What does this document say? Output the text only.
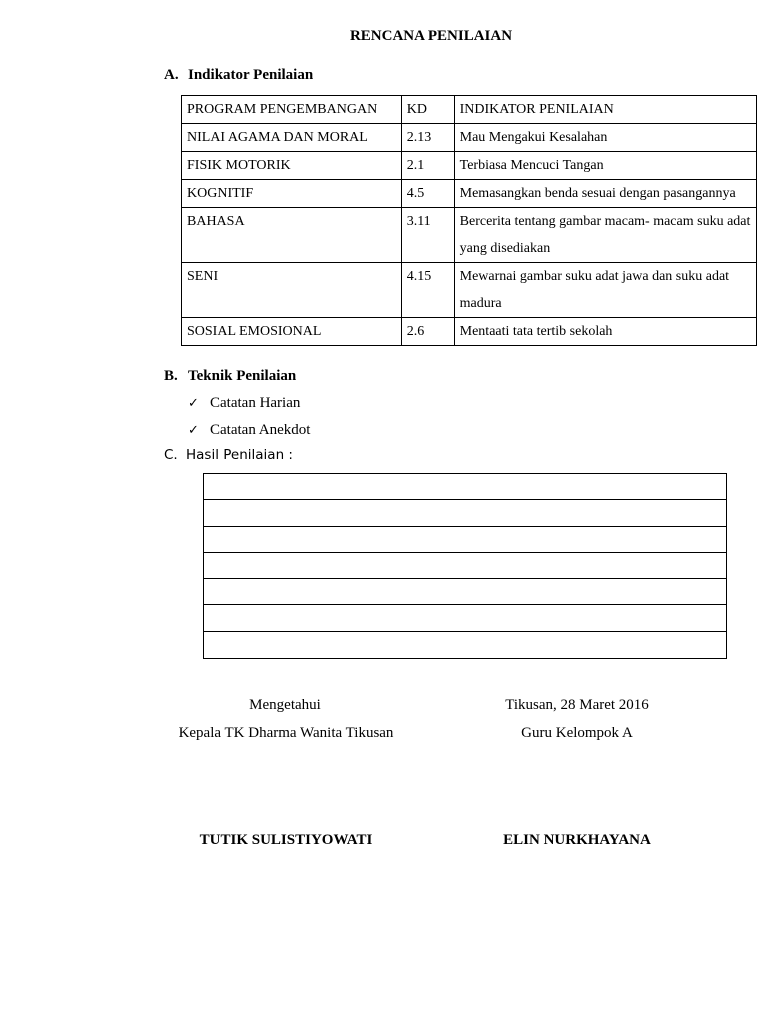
RENCANA PENILAIAN
A. Indikator Penilaian
PROGRAM PENGEMBANGAN	KD	INDIKATOR PENILAIAN
NILAI AGAMA DAN MORAL	2.13	Mau Mengakui Kesalahan
FISIK MOTORIK	2.1	Terbiasa Mencuci Tangan
KOGNITIF	4.5	Memasangkan benda sesuai dengan pasangannya
BAHASA	3.11	Bercerita tentang gambar macam- macam suku adat yang disediakan
SENI	4.15	Mewarnai gambar suku adat jawa dan suku adat madura
SOSIAL EMOSIONAL	2.6	Mentaati tata tertib sekolah
B. Teknik Penilaian
✓ Catatan Harian
✓ Catatan Anekdot
C. Hasil Penilaian :
Mengetahui
Kepala TK Dharma Wanita Tikusan
TUTIK SULISTIYOWATI
Tikusan, 28 Maret 2016
Guru Kelompok A
ELIN NURKHAYANA
